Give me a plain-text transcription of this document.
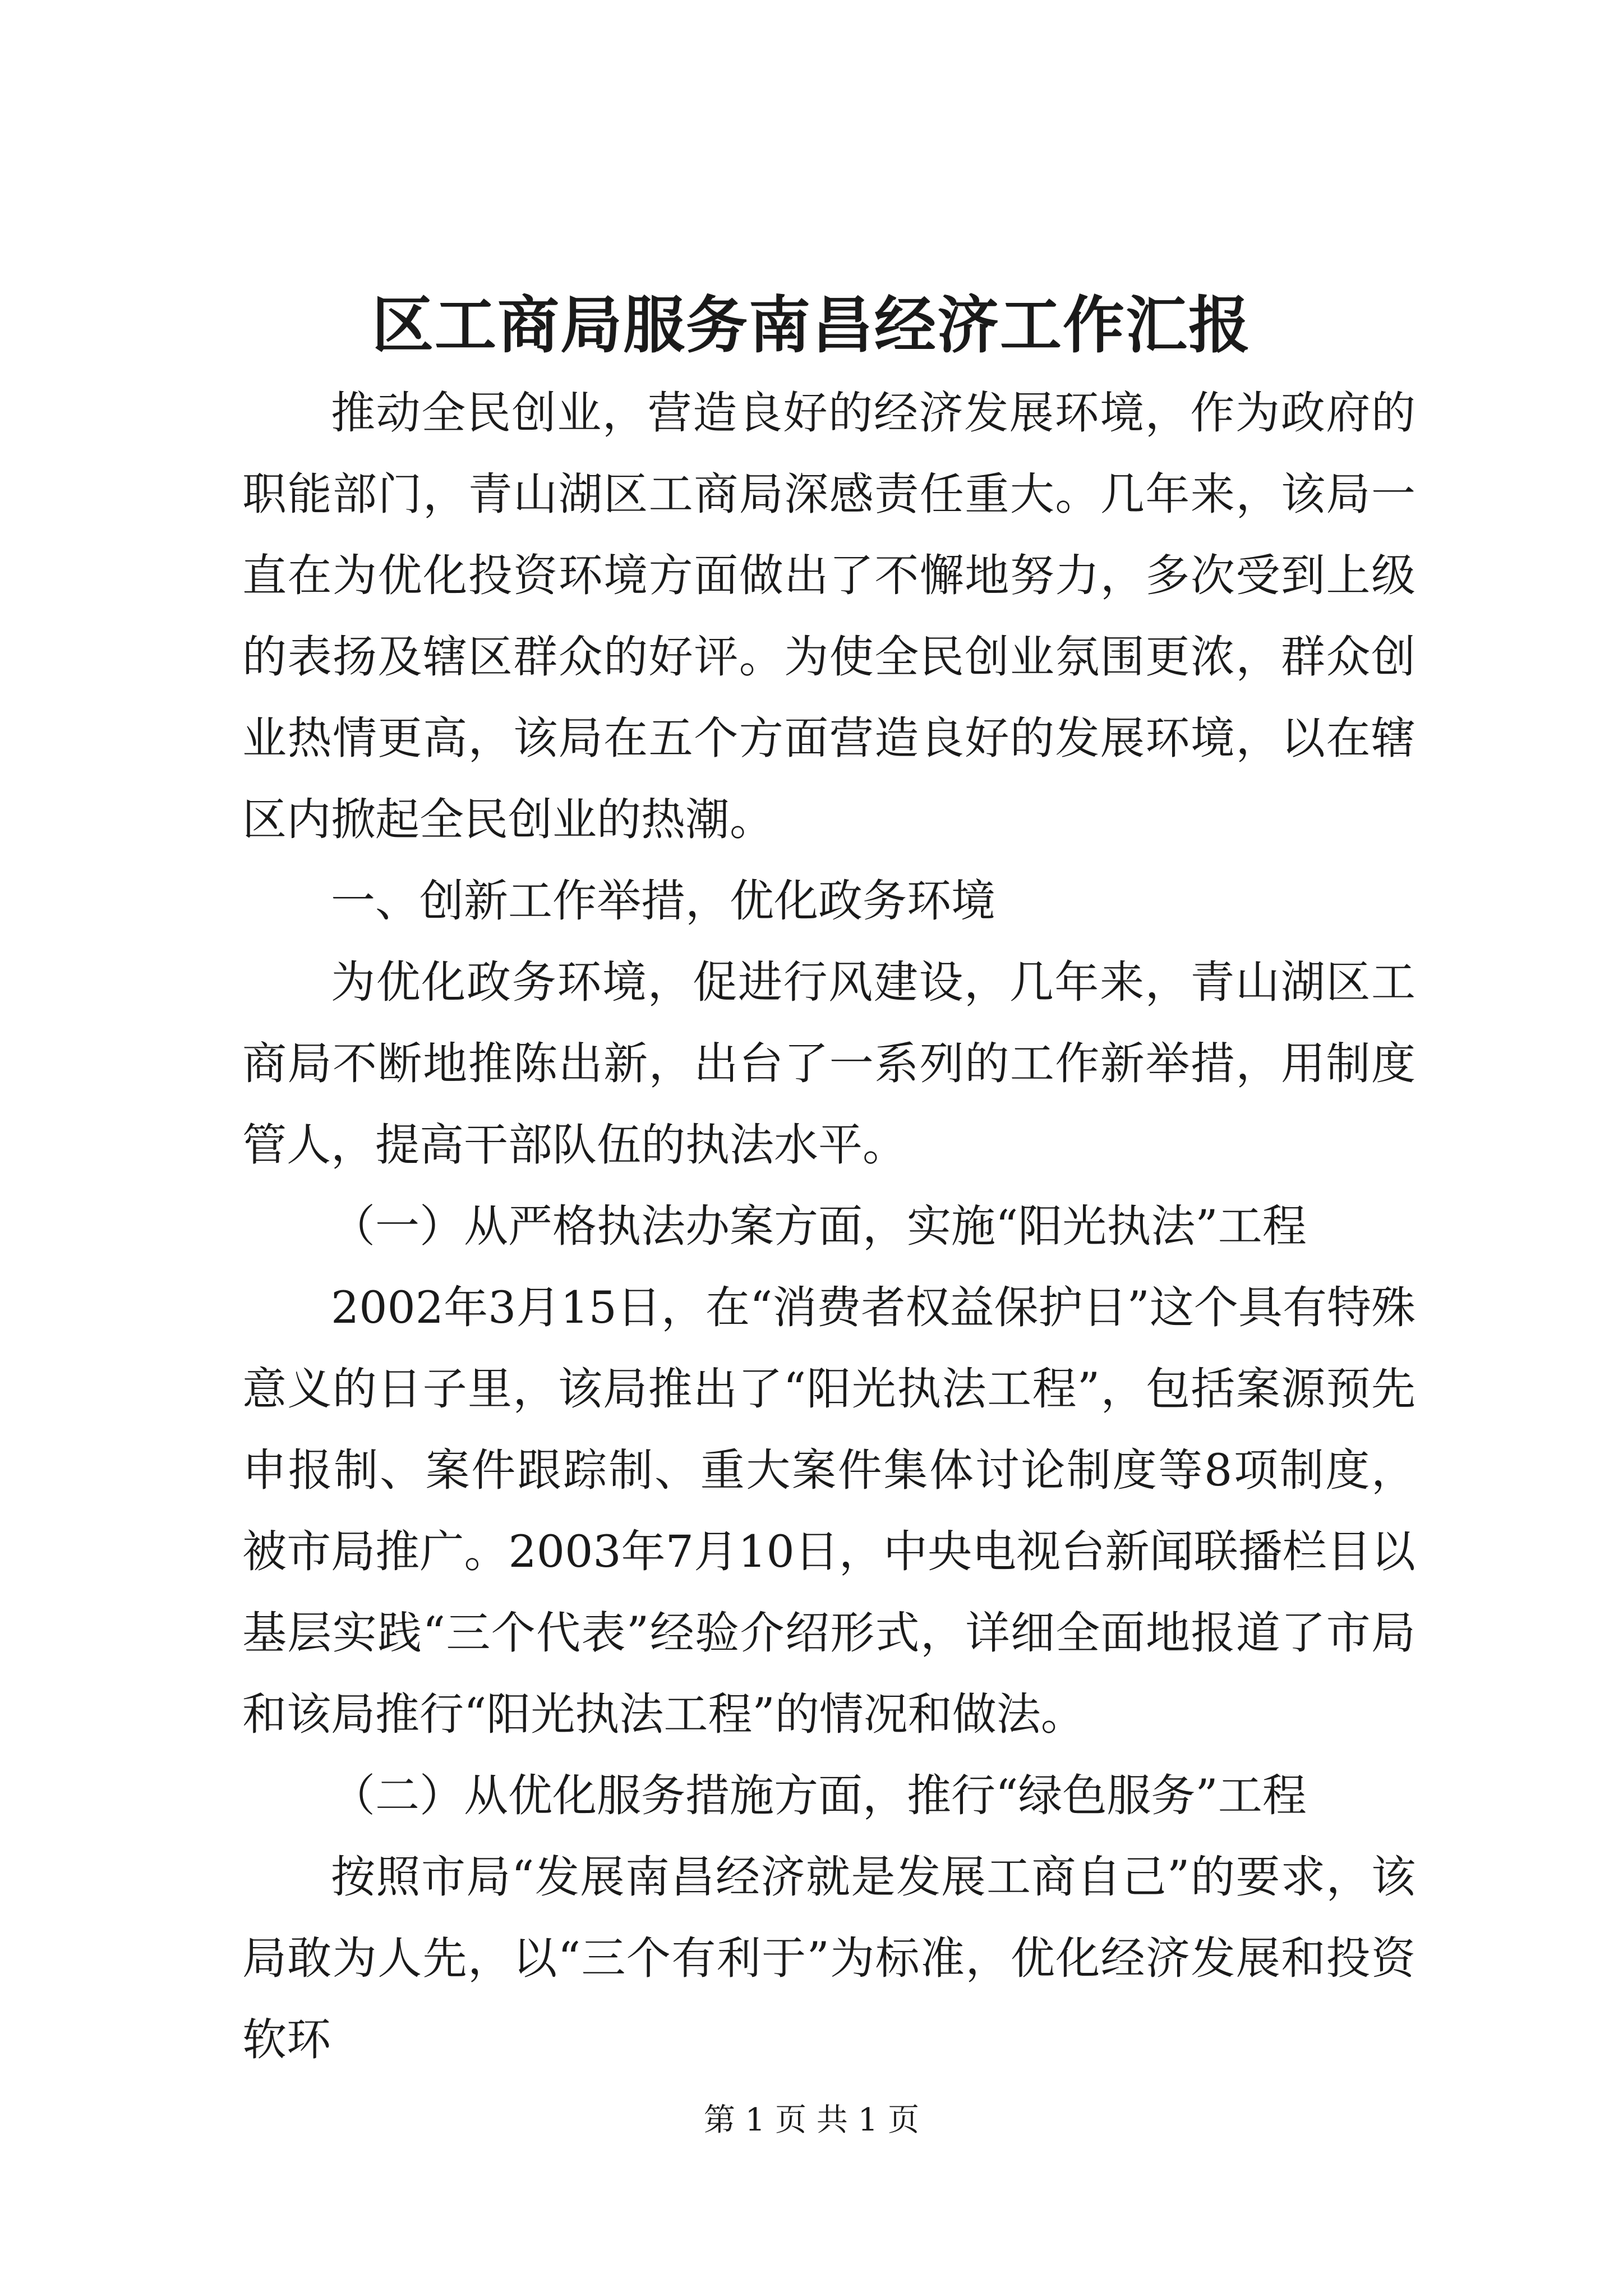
区工商局服务南昌经济工作汇报

推动全民创业，营造良好的经济发展环境，作为政府的职能部门，青山湖区工商局深感责任重大。几年来，该局一直在为优化投资环境方面做出了不懈地努力，多次受到上级的表扬及辖区群众的好评。为使全民创业氛围更浓，群众创业热情更高，该局在五个方面营造良好的发展环境，以在辖区内掀起全民创业的热潮。

一、创新工作举措，优化政务环境

为优化政务环境，促进行风建设，几年来，青山湖区工商局不断地推陈出新，出台了一系列的工作新举措，用制度管人，提高干部队伍的执法水平。

（一）从严格执法办案方面，实施“阳光执法”工程

2002年3月15日，在“消费者权益保护日”这个具有特殊意义的日子里，该局推出了“阳光执法工程”，包括案源预先申报制、案件跟踪制、重大案件集体讨论制度等8项制度，被市局推广。2003年7月10日，中央电视台新闻联播栏目以基层实践“三个代表”经验介绍形式，详细全面地报道了市局和该局推行“阳光执法工程”的情况和做法。

（二）从优化服务措施方面，推行“绿色服务”工程

按照市局“发展南昌经济就是发展工商自己”的要求，该局敢为人先，以“三个有利于”为标准，优化经济发展和投资软环

第 1 页 共 1 页
